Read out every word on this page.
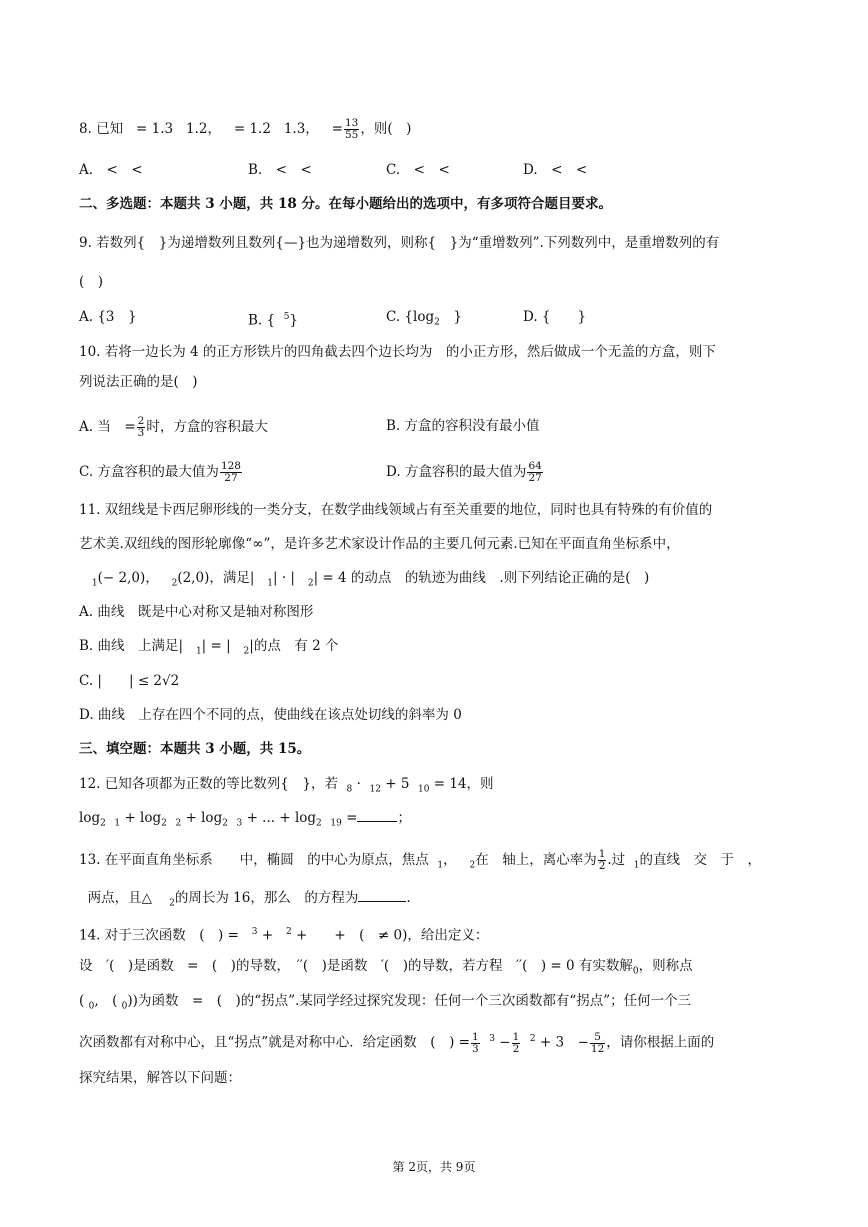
8. 已知 = 1.3 1.2， = 1.2 1.3， = $\frac{13}{55}$ ，则(　)
A.　<　<	B.　<　<	C.　<　<	D.　<　<
二、多选题：本题共 3 小题，共 18 分。在每小题给出的选项中，有多项符合题目要求。
9. 若数列{　}为递增数列且数列{—}也为递增数列，则称{　}为“重增数列”.下列数列中，是重增数列的有
(　)
A. {3　}	B. { $^5$}	C. {$\log_2$　}	D. {　　}
10. 若将一边长为 4 的正方形铁片的四角截去四个边长均为　的小正方形，然后做成一个无盖的方盒，则下
列说法正确的是(　)
A. 当　= $\frac{2}{3}$ 时，方盒的容积最大	B. 方盒的容积没有最小值
C. 方盒容积的最大值为 $\frac{128}{27}$	D. 方盒容积的最大值为 $\frac{64}{27}$
11. 双纽线是卡西尼卵形线的一类分支，在数学曲线领域占有至关重要的地位，同时也具有特殊的有价值的
艺术美.双纽线的图形轮廓像“∞”，是许多艺术家设计作品的主要几何元素.已知在平面直角坐标系中，
$_1$(− 2,0)， $_2$(2,0)，满足| $_1$| · | $_2$| = 4 的动点　的轨迹为曲线　.则下列结论正确的是(　)
A. 曲线　既是中心对称又是轴对称图形
B. 曲线　上满足| $_1$| = | $_2$|的点　有 2 个
C. |　　| ≤ 2√2
D. 曲线　上存在四个不同的点，使曲线在该点处切线的斜率为 0
三、填空题：本题共 3 小题，共 15。
12. 已知各项都为正数的等比数列{　}，若 $_8$ · $_{12}$ + 5 $_{10}$ = 14，则
$\log_2 _1 + \log_2 _2 + \log_2 _3$ + ... + $\log_2 _{19}$ =	；
13. 在平面直角坐标系　　中，椭圆　的中心为原点，焦点 $_1$，   $_2$在　轴上，离心率为 $\frac{1}{2}$ .过 $_1$的直线　交　于　，
两点，且△ $_2$的周长为 16，那么　的方程为	.
14. 对于三次函数　(　) = $^3$ + $^2$ +　　+　(　≠ 0)，给出定义：
设　′(　)是函数　=　(　)的导数，　′′(　)是函数　′(　)的导数，若方程　′′(　) = 0 有实数解$_0$，则称点
( $_0$,　( $_0$))为函数　=　(　)的“拐点”.某同学经过探究发现：任何一个三次函数都有“拐点”；任何一个三
次函数都有对称中心，且“拐点”就是对称中心．给定函数　(　) = $\frac{1}{3} ^3 - \frac{1}{2} ^2 + 3$　− $\frac{5}{12}$ ，请你根据上面的
探究结果，解答以下问题：
第 2页，共 9页
